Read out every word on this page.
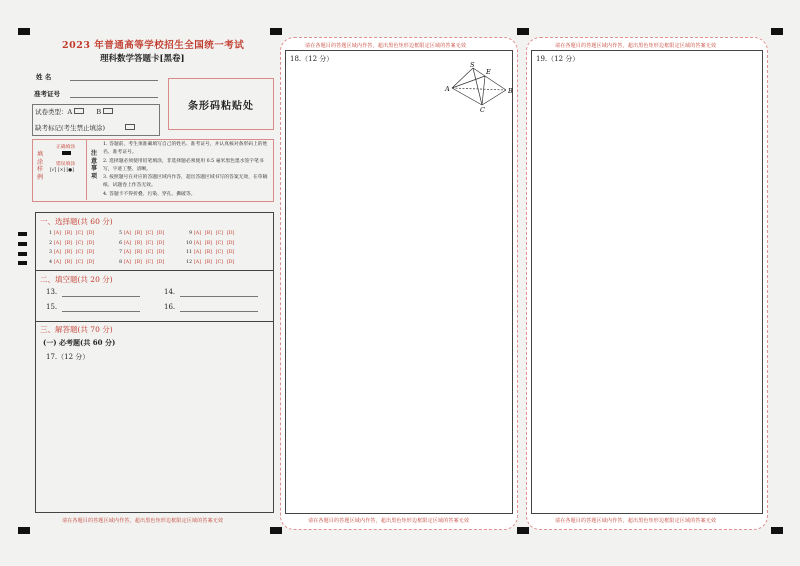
2023 年普通高等学校招生全国统一考试
理科数学答题卡[黑卷]
姓 名
准考证号
试卷类型：A	B
缺考标记(考生禁止填涂)
条形码粘贴处
填涂样例
正确填涂
错误填涂
[√] [×] [●]
注意事项
1. 答题前，考生须准确填写自己的姓名、准考证号，并认真核对条形码上的姓名、准考证号。
2. 选择题必须使用铅笔填涂，非选择题必须使用 0.5 毫米黑色墨水签字笔书写，字迹工整、清晰。
3. 按照题号在对应的答题区域内作答，超出答题区域书写的答案无效，在草稿纸、试题卷上作答无效。
4. 答题卡不得折叠、污染、穿孔、撕破等。
一、选择题(共 60 分)
1 [A] [B] [C] [D]	5 [A] [B] [C] [D]	9 [A] [B] [C] [D]
2 [A] [B] [C] [D]	6 [A] [B] [C] [D]	10 [A] [B] [C] [D]
3 [A] [B] [C] [D]	7 [A] [B] [C] [D]	11 [A] [B] [C] [D]
4 [A] [B] [C] [D]	8 [A] [B] [C] [D]	12 [A] [B] [C] [D]
二、填空题(共 20 分)
13.	14.
15.	16.
三、解答题(共 70 分)
(一) 必考题(共 60 分)
17.（12 分）
请在各题目的答题区域内作答，超出黑色矩形边框限定区域的答案无效
请在各题目的答题区域内作答，超出黑色矩形边框限定区域的答案无效
18.（12 分）
S
E
A	B
C
请在各题目的答题区域内作答，超出黑色矩形边框限定区域的答案无效
请在各题目的答题区域内作答，超出黑色矩形边框限定区域的答案无效
19.（12 分）
请在各题目的答题区域内作答，超出黑色矩形边框限定区域的答案无效
